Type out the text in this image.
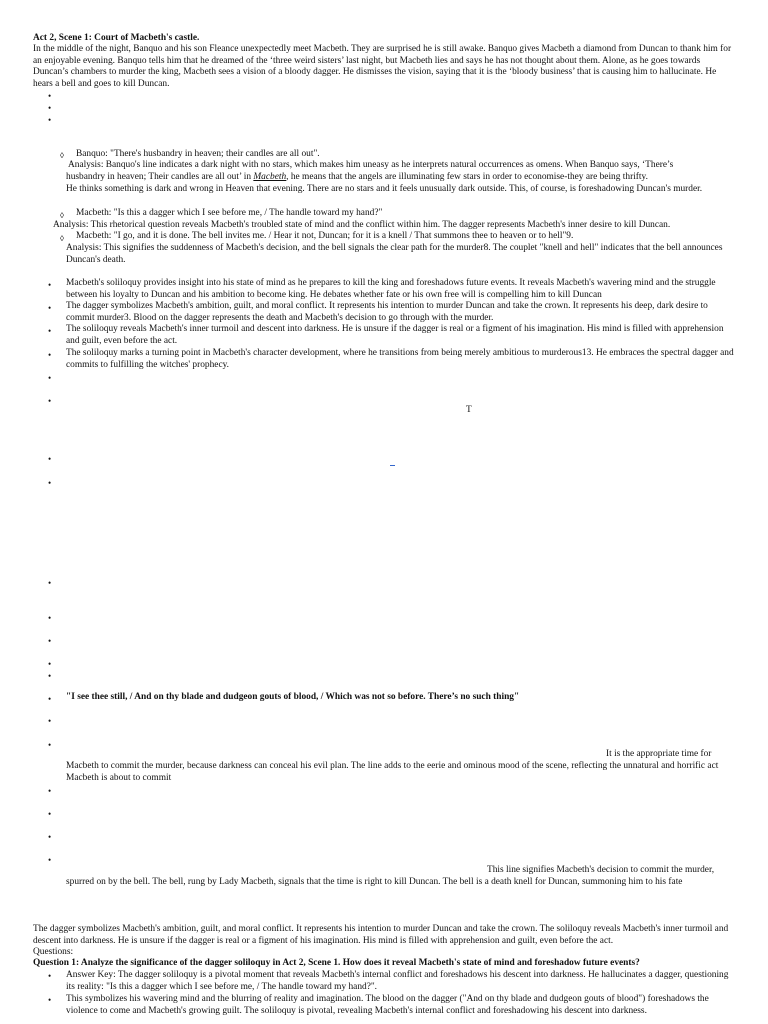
Act 2, Scene 1: Court of Macbeth's castle.
In the middle of the night, Banquo and his son Fleance unexpectedly meet Macbeth. They are surprised he is still awake. Banquo gives Macbeth a diamond from Duncan to thank him for an enjoyable evening. Banquo tells him that he dreamed of the ‘three weird sisters’ last night, but Macbeth lies and says he has not thought about them. Alone, as he goes towards Duncan’s chambers to murder the king, Macbeth sees a vision of a bloody dagger. He dismisses the vision, saying that it is the ‘bloody business’ that is causing him to hallucinate. He hears a bell and goes to kill Duncan.
•
•
•
◊ Banquo: "There's husbandry in heaven; their candles are all out".
Analysis: Banquo's line indicates a dark night with no stars, which makes him uneasy as he interprets natural occurrences as omens. When Banquo says, ‘There’s
husbandry in heaven; Their candles are all out’ in Macbeth, he means that the angels are illuminating few stars in order to economise-they are being thrifty.
He thinks something is dark and wrong in Heaven that evening. There are no stars and it feels unusually dark outside. This, of course, is foreshadowing Duncan's murder.
◊ Macbeth: "Is this a dagger which I see before me, / The handle toward my hand?"
Analysis: This rhetorical question reveals Macbeth's troubled state of mind and the conflict within him. The dagger represents Macbeth's inner desire to kill Duncan.
◊ Macbeth: "I go, and it is done. The bell invites me. / Hear it not, Duncan; for it is a knell / That summons thee to heaven or to hell"9.
Analysis: This signifies the suddenness of Macbeth's decision, and the bell signals the clear path for the murder8. The couplet "knell and hell" indicates that the bell announces Duncan's death.
• Macbeth's soliloquy provides insight into his state of mind as he prepares to kill the king and foreshadows future events. It reveals Macbeth's wavering mind and the struggle between his loyalty to Duncan and his ambition to become king. He debates whether fate or his own free will is compelling him to kill Duncan
• The dagger symbolizes Macbeth's ambition, guilt, and moral conflict. It represents his intention to murder Duncan and take the crown. It represents his deep, dark desire to commit murder3. Blood on the dagger represents the death and Macbeth's decision to go through with the murder.
• The soliloquy reveals Macbeth's inner turmoil and descent into darkness. He is unsure if the dagger is real or a figment of his imagination. His mind is filled with apprehension and guilt, even before the act.
• The soliloquy marks a turning point in Macbeth's character development, where he transitions from being merely ambitious to murderous13. He embraces the spectral dagger and commits to fulfilling the witches' prophecy.
•
•
T
•
•
•
•
•
•
•
• "I see thee still, / And on thy blade and dudgeon gouts of blood, / Which was not so before. There’s no such thing"
•
•
It is the appropriate time for
Macbeth to commit the murder, because darkness can conceal his evil plan. The line adds to the eerie and ominous mood of the scene, reflecting the unnatural and horrific act Macbeth is about to commit
•
•
•
•
This line signifies Macbeth's decision to commit the murder,
spurred on by the bell. The bell, rung by Lady Macbeth, signals that the time is right to kill Duncan. The bell is a death knell for Duncan, summoning him to his fate
The dagger symbolizes Macbeth's ambition, guilt, and moral conflict. It represents his intention to murder Duncan and take the crown. The soliloquy reveals Macbeth's inner turmoil and descent into darkness. He is unsure if the dagger is real or a figment of his imagination. His mind is filled with apprehension and guilt, even before the act.
Questions:
Question 1: Analyze the significance of the dagger soliloquy in Act 2, Scene 1. How does it reveal Macbeth's state of mind and foreshadow future events?
• Answer Key: The dagger soliloquy is a pivotal moment that reveals Macbeth's internal conflict and foreshadows his descent into darkness. He hallucinates a dagger, questioning its reality: "Is this a dagger which I see before me, / The handle toward my hand?".
• This symbolizes his wavering mind and the blurring of reality and imagination. The blood on the dagger ("And on thy blade and dudgeon gouts of blood") foreshadows the violence to come and Macbeth's growing guilt. The soliloquy is pivotal, revealing Macbeth's internal conflict and foreshadowing his descent into darkness.
